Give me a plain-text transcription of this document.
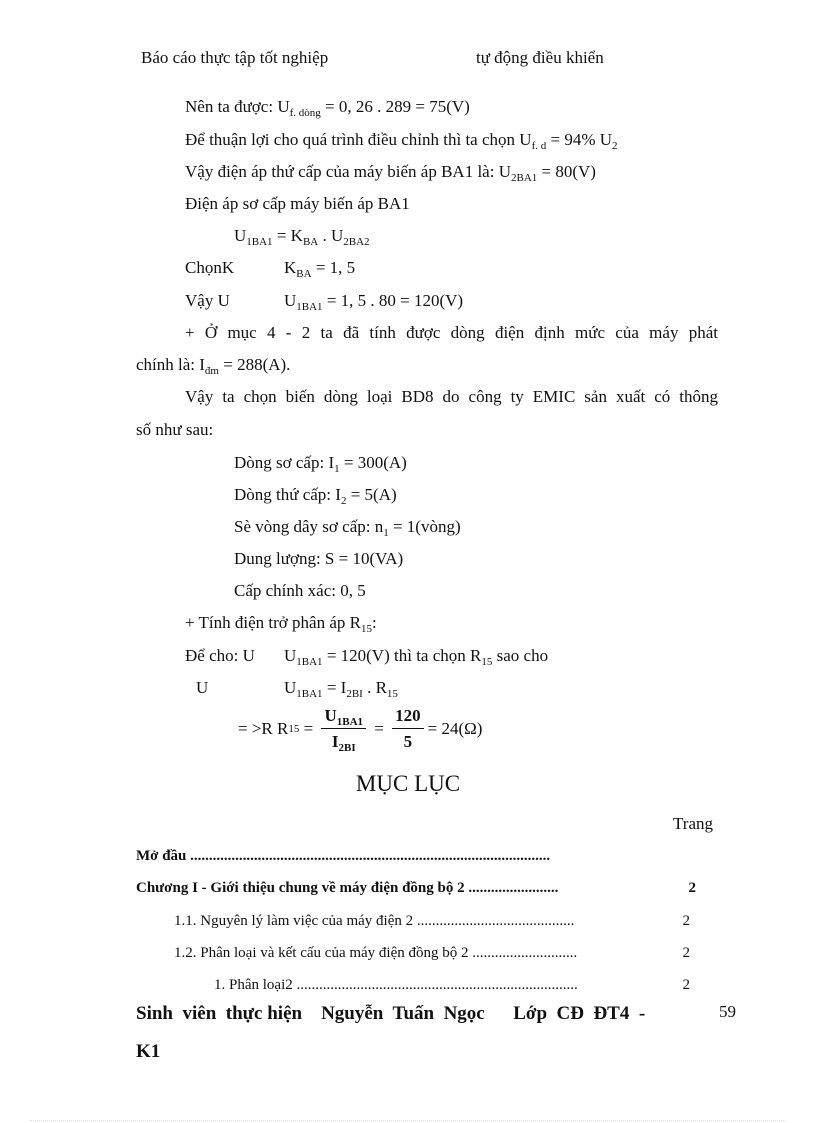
Báo cáo thực tập tốt nghiệp	tự động điều khiển
Nên ta được: $U_{f. dòng} = 0$, 26 . 289 = 75(V)
Để thuận lợi cho quá trình điều chỉnh thì ta chọn $U_{f. d} = 94\%$ $U_2$
Vậy điện áp thứ cấp của máy biến áp BA1 là: $U_{2BA1} = 80(V)$
Điện áp sơ cấp máy biến áp BA1
$U_{1BA1} = K_{BA}$ . $U_{2BA2}$
ChọnK	$K_{BA} = 1$, 5
Vậy U	$U_{1BA1} = 1$, 5 . 80 = 120(V)
+ Ở mục 4 - 2 ta đã tính được dòng điện định mức của máy phát
chính là: $I_{đm} = 288(A)$.
Vậy ta chọn biến dòng loại BD8 do công ty EMIC sản xuất có thông
số như sau:
Dòng sơ cấp: $I_1 = 300(A)$
Dòng thứ cấp: $I_2 = 5(A)$
Sè vòng dây sơ cấp: $n_1$ = 1(vòng)
Dung lượng: S = 10(VA)
Cấp chính xác: 0, 5
+ Tính điện trở phân áp $R_{15}$:
Để cho: U $U_{1BA1} = 120(V)$ thì ta chọn $R_{15}$ sao cho
U	$U_{1BA1} = I_{2BI}$ . $R_{15}$
= >R R $15 = \frac{U_{1BA1}}{I_{2BI}} = \frac{120}{5} = 24(\Omega)$
MỤC LỤC
Trang
Mở đầu ................................................................................................
Chương I - Giới thiệu chung về máy điện đồng bộ 2 ........................	2
1.1. Nguyên lý làm việc của máy điện 2 ..........................................	2
1.2. Phân loại và kết cấu của máy điện đồng bộ 2 ............................	2
1. Phân loại2 ...........................................................................	2
Sinh  viên  thực hiện    Nguyễn  Tuấn  Ngọc      Lớp  CĐ  ĐT4  -
K1
59
